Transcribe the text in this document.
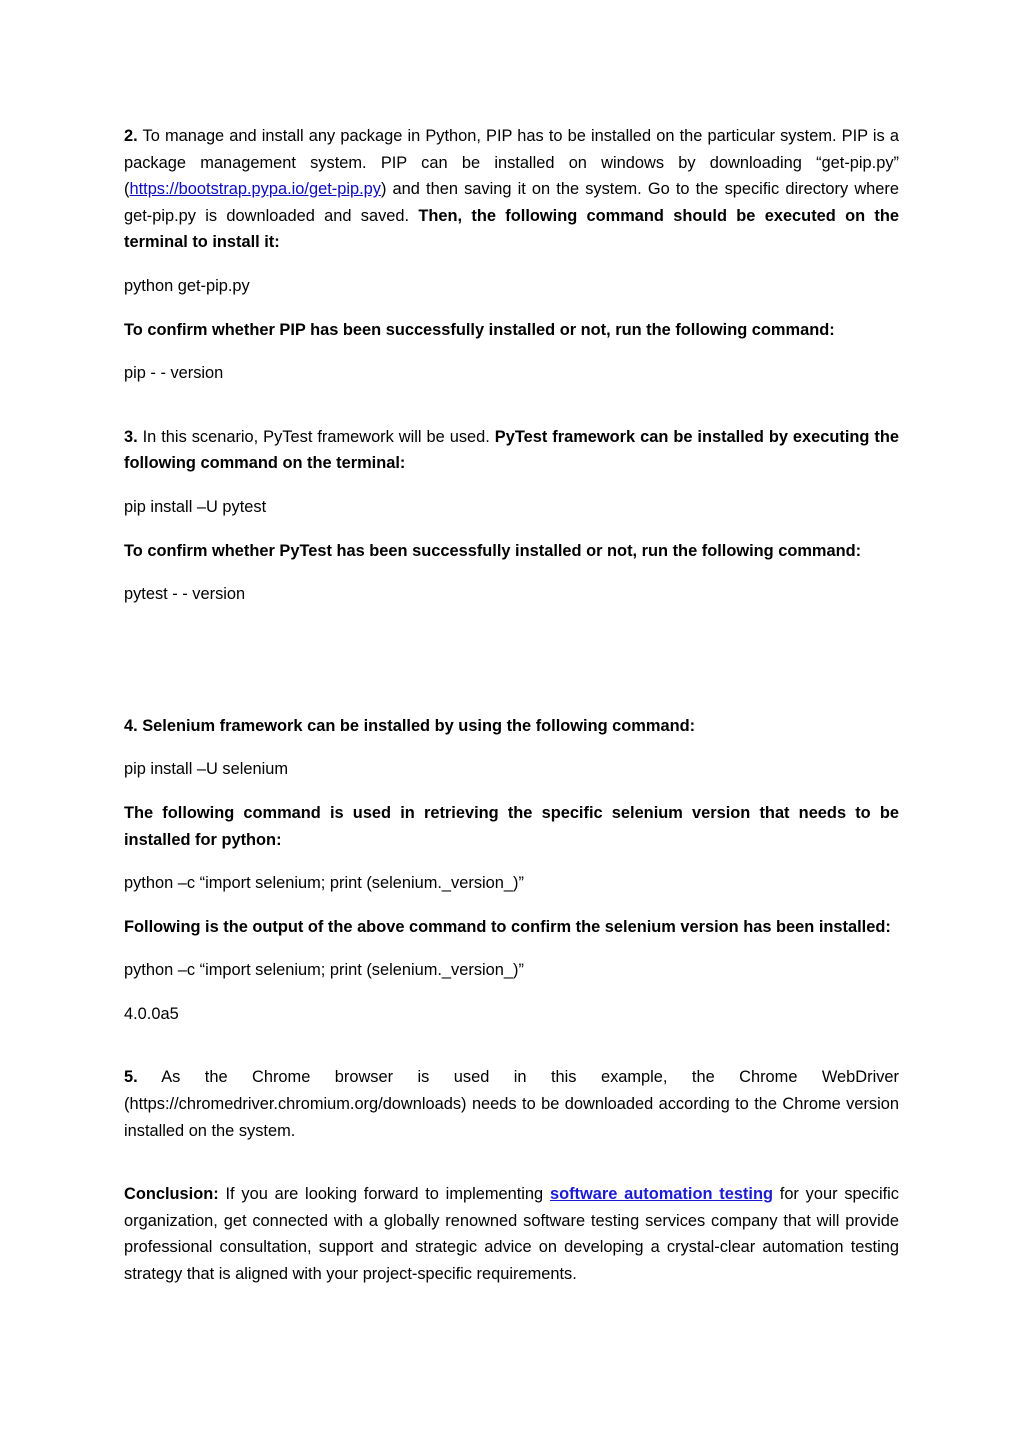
2. To manage and install any package in Python, PIP has to be installed on the particular system. PIP is a package management system. PIP can be installed on windows by downloading “get-pip.py” (https://bootstrap.pypa.io/get-pip.py) and then saving it on the system. Go to the specific directory where get-pip.py is downloaded and saved. Then, the following command should be executed on the terminal to install it:

python get-pip.py

To confirm whether PIP has been successfully installed or not, run the following command:

pip - - version

3. In this scenario, PyTest framework will be used. PyTest framework can be installed by executing the following command on the terminal:

pip install –U pytest

To confirm whether PyTest has been successfully installed or not, run the following command:

pytest - - version

4. Selenium framework can be installed by using the following command:

pip install –U selenium

The following command is used in retrieving the specific selenium version that needs to be installed for python:

python –c “import selenium; print (selenium._version_)”

Following is the output of the above command to confirm the selenium version has been installed:

python –c “import selenium; print (selenium._version_)”

4.0.0a5

5. As the Chrome browser is used in this example, the Chrome WebDriver (https://chromedriver.chromium.org/downloads) needs to be downloaded according to the Chrome version installed on the system.

Conclusion: If you are looking forward to implementing software automation testing for your specific organization, get connected with a globally renowned software testing services company that will provide professional consultation, support and strategic advice on developing a crystal-clear automation testing strategy that is aligned with your project-specific requirements.
